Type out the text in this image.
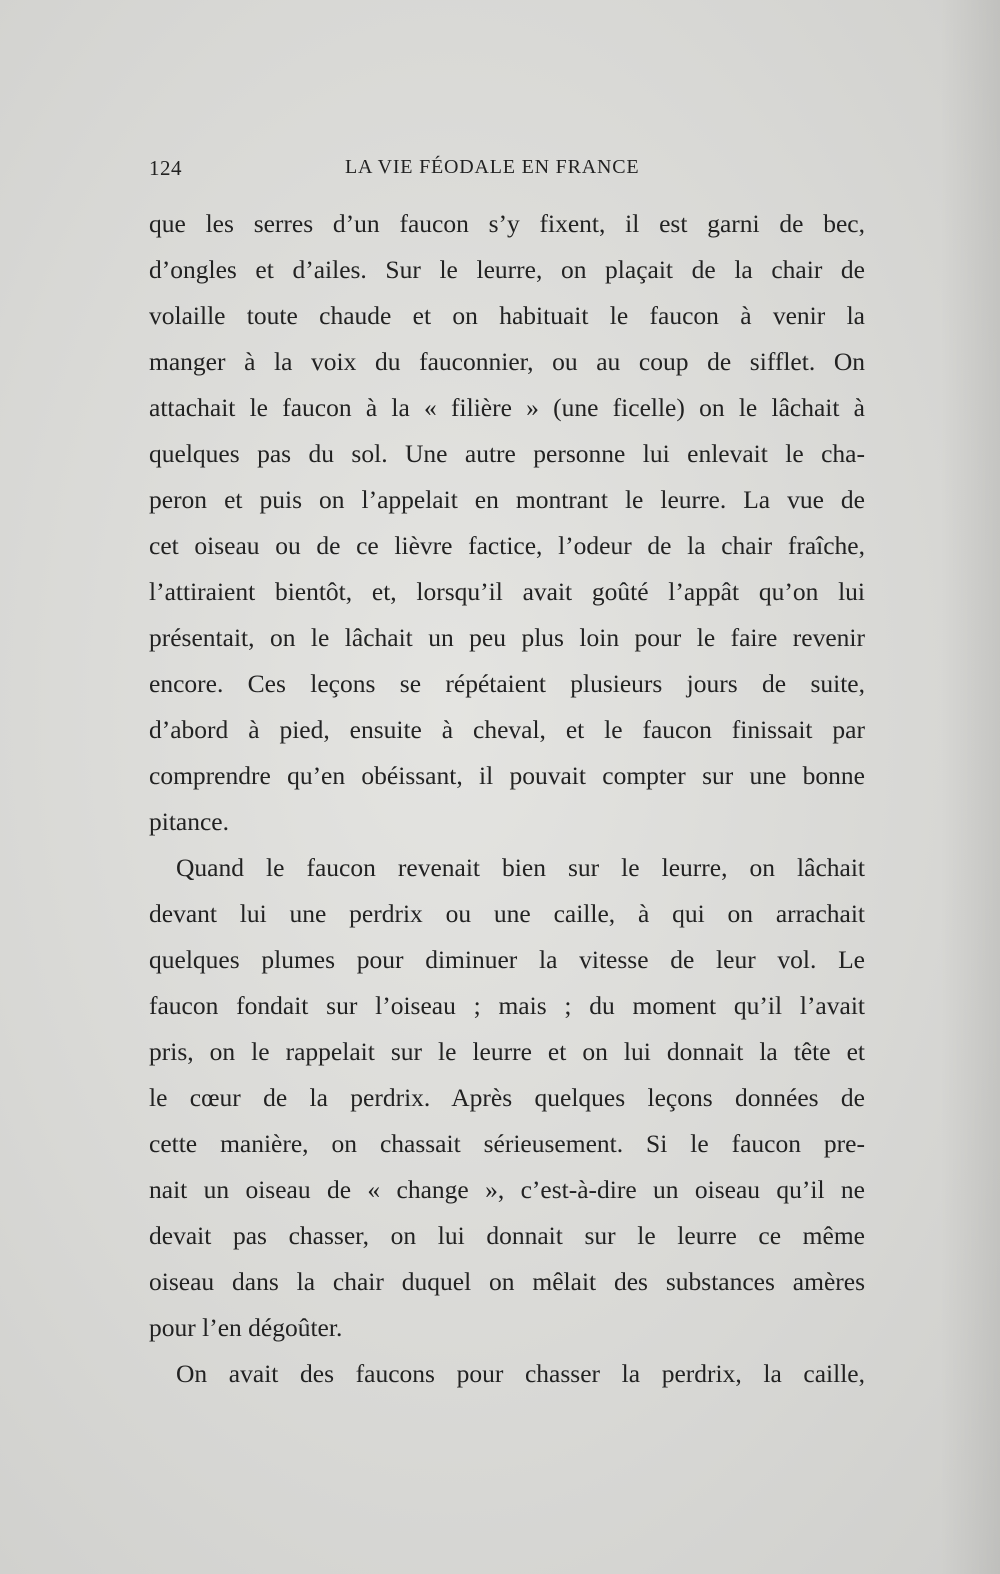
124	LA VIE FÉODALE EN FRANCE
que les serres d’un faucon s’y fixent, il est garni de bec,
d’ongles et d’ailes. Sur le leurre, on plaçait de la chair de
volaille toute chaude et on habituait le faucon à venir la
manger à la voix du fauconnier, ou au coup de sifflet. On
attachait le faucon à la « filière » (une ficelle) on le lâchait à
quelques pas du sol. Une autre personne lui enlevait le cha-
peron et puis on l’appelait en montrant le leurre. La vue de
cet oiseau ou de ce lièvre factice, l’odeur de la chair fraîche,
l’attiraient bientôt, et, lorsqu’il avait goûté l’appât qu’on lui
présentait, on le lâchait un peu plus loin pour le faire revenir
encore. Ces leçons se répétaient plusieurs jours de suite,
d’abord à pied, ensuite à cheval, et le faucon finissait par
comprendre qu’en obéissant, il pouvait compter sur une bonne
pitance.
Quand le faucon revenait bien sur le leurre, on lâchait
devant lui une perdrix ou une caille, à qui on arrachait
quelques plumes pour diminuer la vitesse de leur vol. Le
faucon fondait sur l’oiseau ; mais ; du moment qu’il l’avait
pris, on le rappelait sur le leurre et on lui donnait la tête et
le cœur de la perdrix. Après quelques leçons données de
cette manière, on chassait sérieusement. Si le faucon pre-
nait un oiseau de « change », c’est-à-dire un oiseau qu’il ne
devait pas chasser, on lui donnait sur le leurre ce même
oiseau dans la chair duquel on mêlait des substances amères
pour l’en dégoûter.
On avait des faucons pour chasser la perdrix, la caille,
